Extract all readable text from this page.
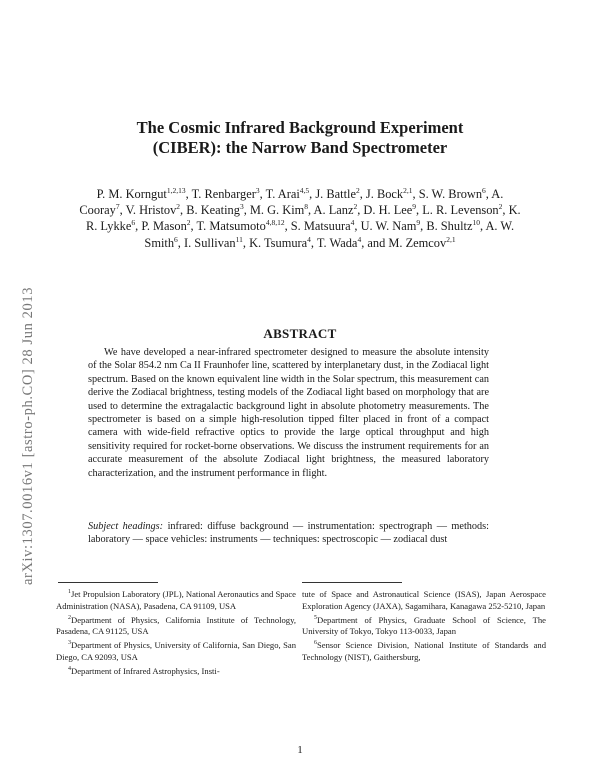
arXiv:1307.0016v1 [astro-ph.CO] 28 Jun 2013
The Cosmic Infrared Background Experiment
(CIBER): the Narrow Band Spectrometer
P. M. Korngut$^{1,2,13}$, T. Renbarger$^3$, T. Arai$^{4,5}$, J. Battle$^2$, J. Bock$^{2,1}$, S. W. Brown$^6$, A. Cooray$^7$, V. Hristov$^2$, B. Keating$^3$, M. G. Kim$^8$, A. Lanz$^2$, D. H. Lee$^9$, L. R. Levenson$^2$, K. R. Lykke$^6$, P. Mason$^2$, T. Matsumoto$^{4,8,12}$, S. Matsuura$^4$, U. W. Nam$^9$, B. Shultz$^{10}$, A. W. Smith$^6$, I. Sullivan$^{11}$, K. Tsumura$^4$, T. Wada$^4$, and M. Zemcov$^{2,1}$
ABSTRACT
We have developed a near-infrared spectrometer designed to measure the absolute intensity of the Solar 854.2 nm Ca II Fraunhofer line, scattered by interplanetary dust, in the Zodiacal light spectrum. Based on the known equivalent line width in the Solar spectrum, this measurement can derive the Zodiacal brightness, testing models of the Zodiacal light based on morphology that are used to determine the extragalactic background light in absolute photometry measurements. The spectrometer is based on a simple high-resolution tipped filter placed in front of a compact camera with wide-field refractive optics to provide the large optical throughput and high sensitivity required for rocket-borne observations. We discuss the instrument requirements for an accurate measurement of the absolute Zodiacal light brightness, the measured laboratory characterization, and the instrument performance in flight.
Subject headings: infrared: diffuse background — instrumentation: spectrograph — methods: laboratory — space vehicles: instruments — techniques: spectroscopic — zodiacal dust
$^1$Jet Propulsion Laboratory (JPL), National Aeronautics and Space Administration (NASA), Pasadena, CA 91109, USA
$^2$Department of Physics, California Institute of Technology, Pasadena, CA 91125, USA
$^3$Department of Physics, University of California, San Diego, San Diego, CA 92093, USA
$^4$Department of Infrared Astrophysics, Insti-
tute of Space and Astronautical Science (ISAS), Japan Aerospace Exploration Agency (JAXA), Sagamihara, Kanagawa 252-5210, Japan
$^5$Department of Physics, Graduate School of Science, The University of Tokyo, Tokyo 113-0033, Japan
$^6$Sensor Science Division, National Institute of Standards and Technology (NIST), Gaithersburg,
1
